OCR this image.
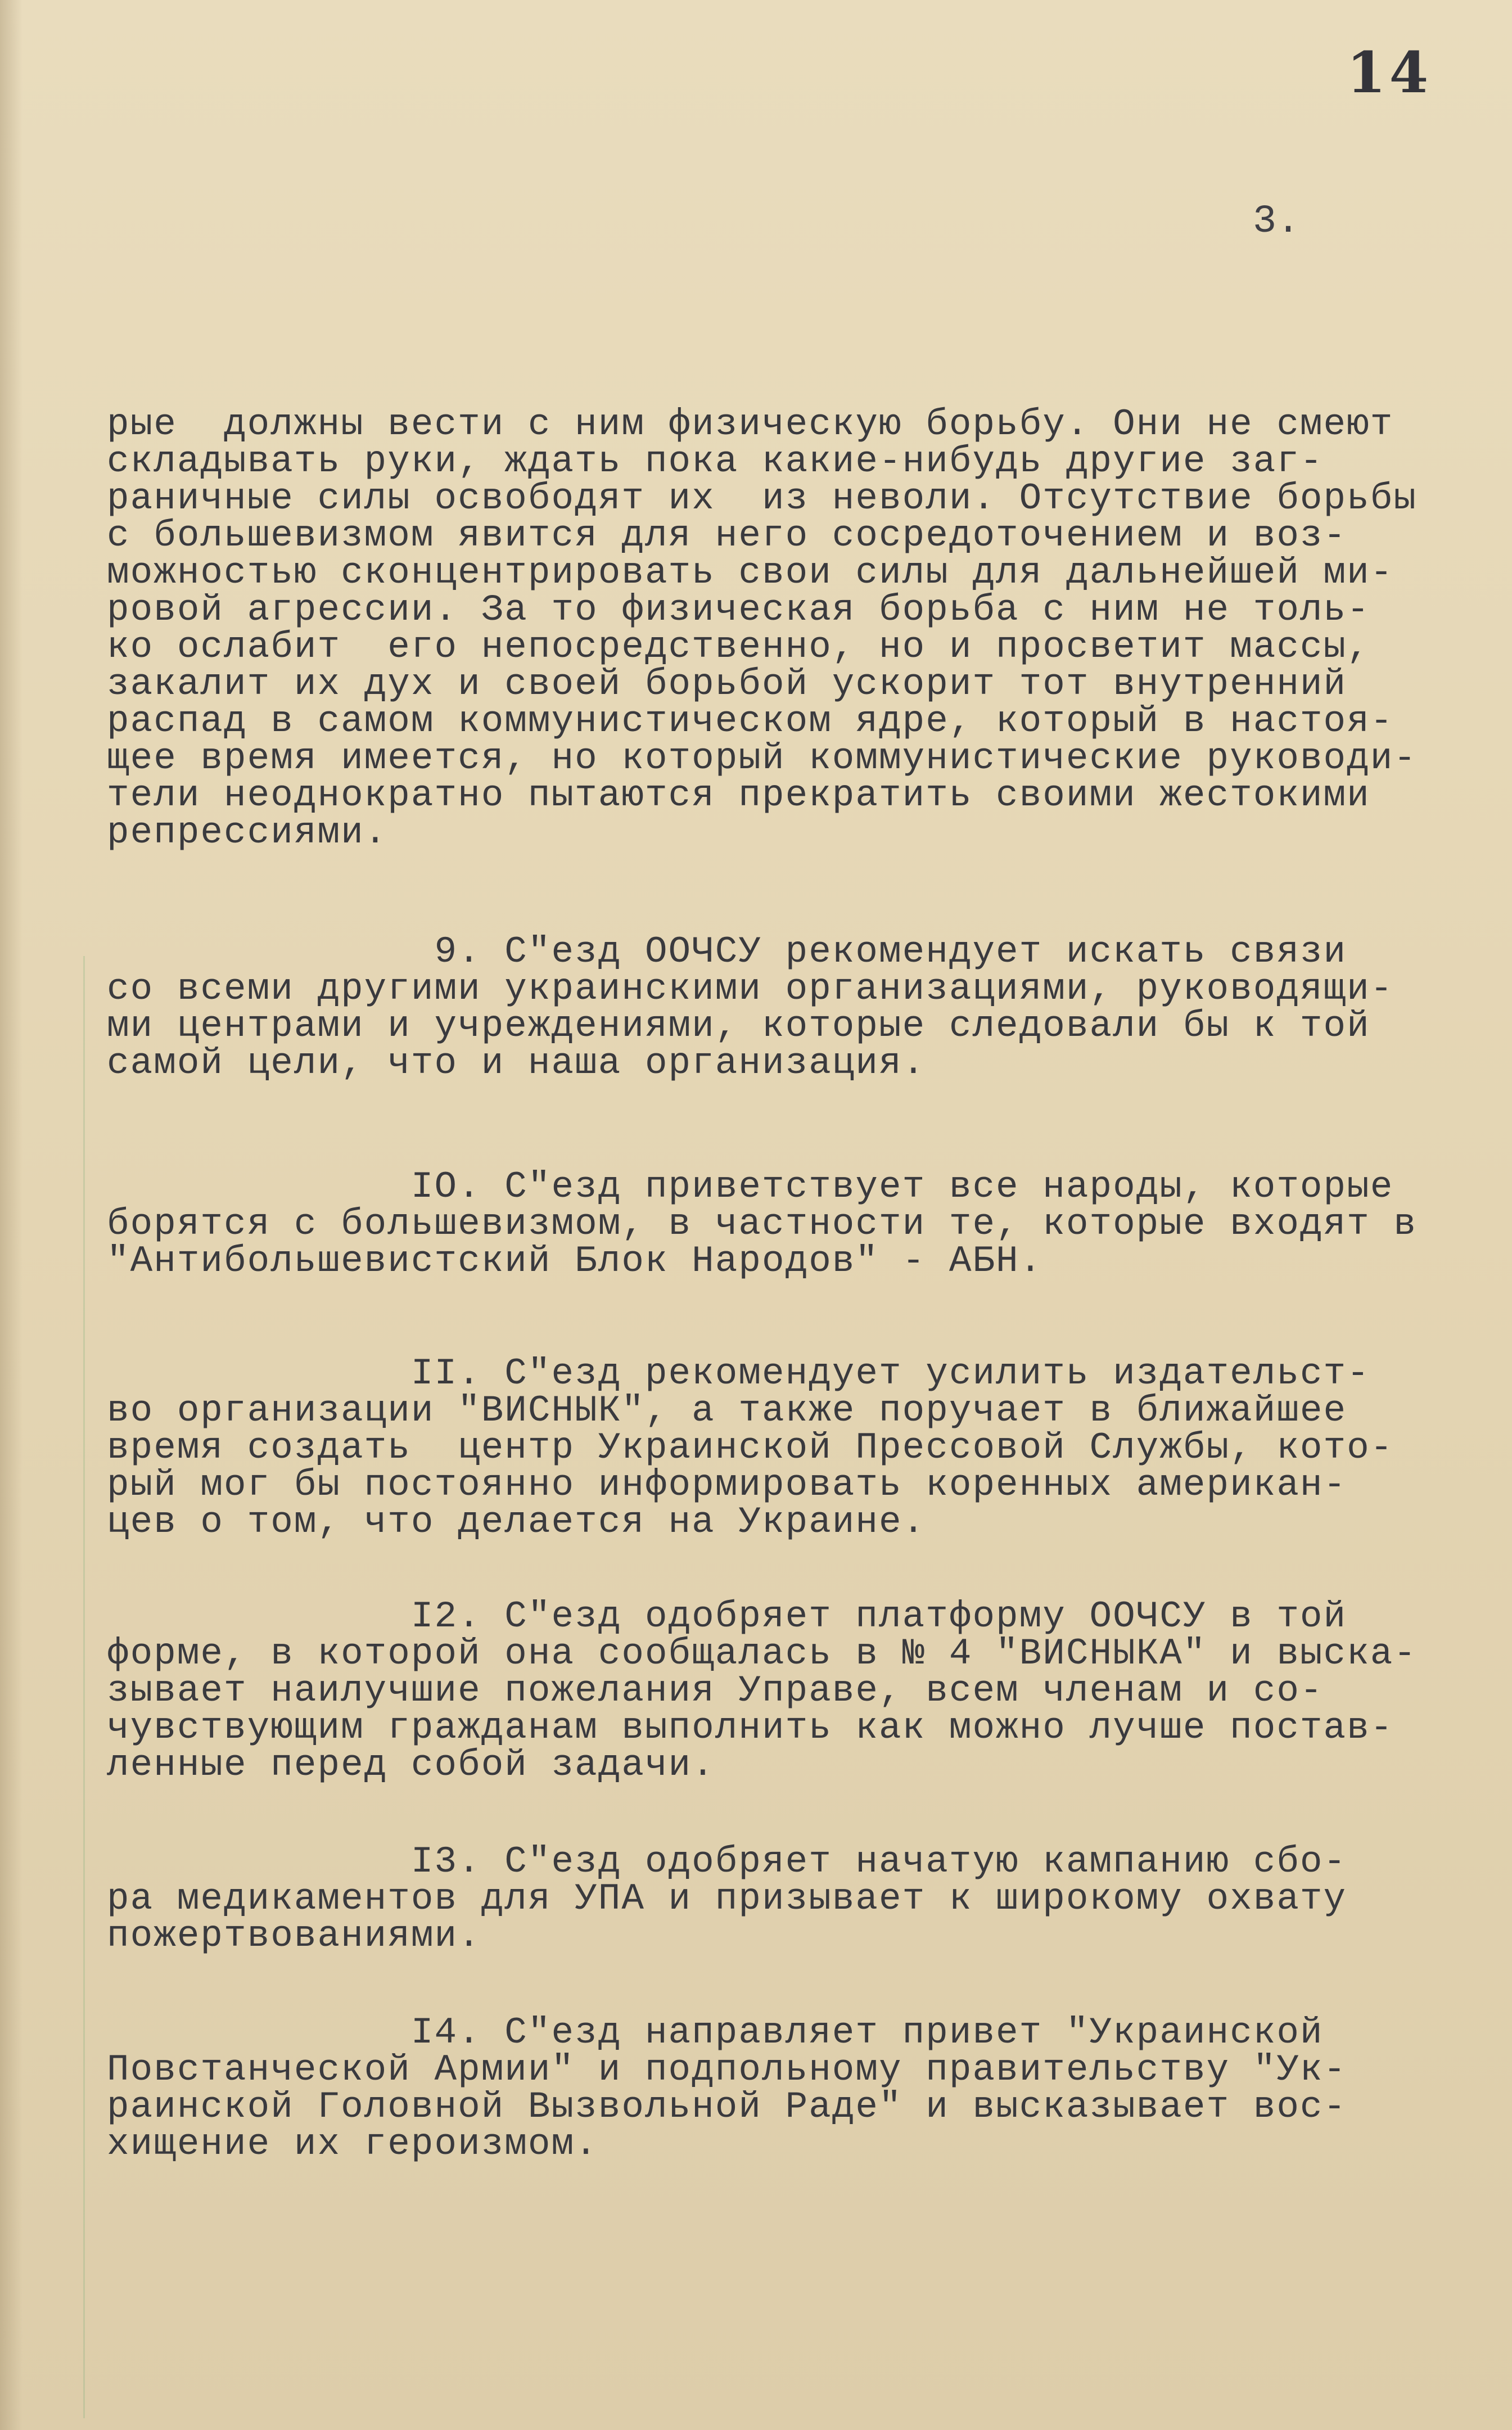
14
3.

рые  должны вести с ним физическую борьбу. Они не смеют
складывать руки, ждать пока какие-нибудь другие заг-
раничные силы освободят их  из неволи. Отсутствие борьбы
с большевизмом явится для него сосредоточением и воз-
можностью сконцентрировать свои силы для дальнейшей ми-
ровой агрессии. За то физическая борьба с ним не толь-
ко ослабит  его непосредственно, но и просветит массы,
закалит их дух и своей борьбой ускорит тот внутренний
распад в самом коммунистическом ядре, который в настоя-
щее время имеется, но который коммунистические руководи-
тели неоднократно пытаются прекратить своими жестокими
репрессиями.

9. С"езд ООЧСУ рекомендует искать связи
со всеми другими украинскими организациями, руководящи-
ми центрами и учреждениями, которые следовали бы к той
самой цели, что и наша организация.

IO. С"езд приветствует все народы, которые
борятся с большевизмом, в частности те, которые входят в
"Антибольшевистский Блок Народов" - АБН.

II. С"езд рекомендует усилить издательст-
во организации "ВИСНЫК", а также поручает в ближайшее
время создать  центр Украинской Прессовой Службы, кото-
рый мог бы постоянно информировать коренных американ-
цев о том, что делается на Украине.

I2. С"езд одобряет платформу ООЧСУ в той
форме, в которой она сообщалась в № 4 "ВИСНЫКА" и выска-
зывает наилучшие пожелания Управе, всем членам и со-
чувствующим гражданам выполнить как можно лучше постав-
ленные перед собой задачи.

I3. С"езд одобряет начатую кампанию сбо-
ра медикаментов для УПА и призывает к широкому охвату
пожертвованиями.

I4. С"езд направляет привет "Украинской
Повстанческой Армии" и подпольному правительству "Ук-
раинской Головной Вызвольной Раде" и высказывает вос-
хищение их героизмом.
